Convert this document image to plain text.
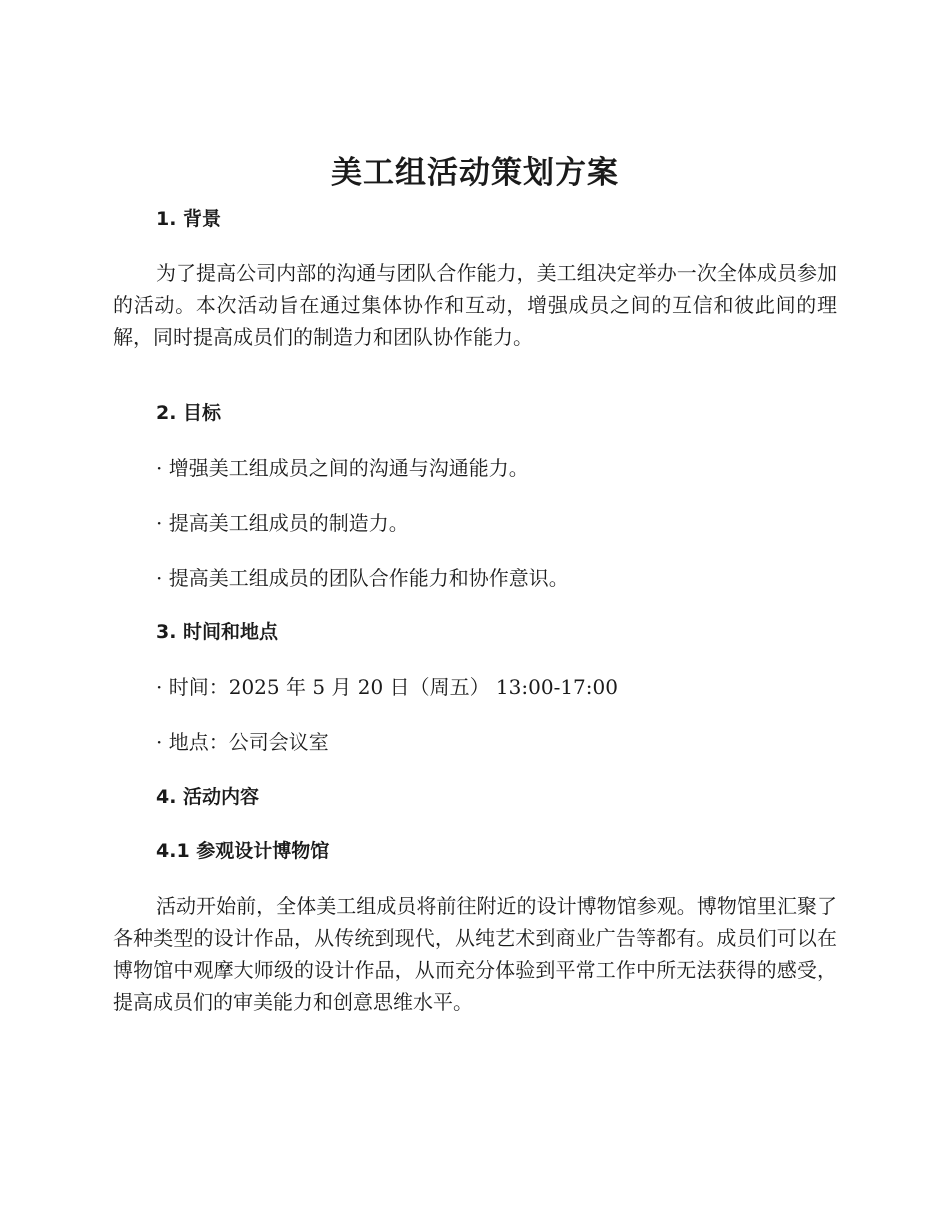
美工组活动策划方案
1. 背景

为了提高公司内部的沟通与团队合作能力，美工组决定举办一次全体成员参加的活动。本次活动旨在通过集体协作和互动，增强成员之间的互信和彼此间的理解，同时提高成员们的制造力和团队协作能力。

2. 目标

· 增强美工组成员之间的沟通与沟通能力。

· 提高美工组成员的制造力。

· 提高美工组成员的团队合作能力和协作意识。

3. 时间和地点

· 时间：2025 年 5 月 20 日（周五） 13:00-17:00

· 地点：公司会议室

4. 活动内容
4.1 参观设计博物馆

活动开始前，全体美工组成员将前往附近的设计博物馆参观。博物馆里汇聚了各种类型的设计作品，从传统到现代，从纯艺术到商业广告等都有。成员们可以在博物馆中观摩大师级的设计作品，从而充分体验到平常工作中所无法获得的感受，提高成员们的审美能力和创意思维水平。
